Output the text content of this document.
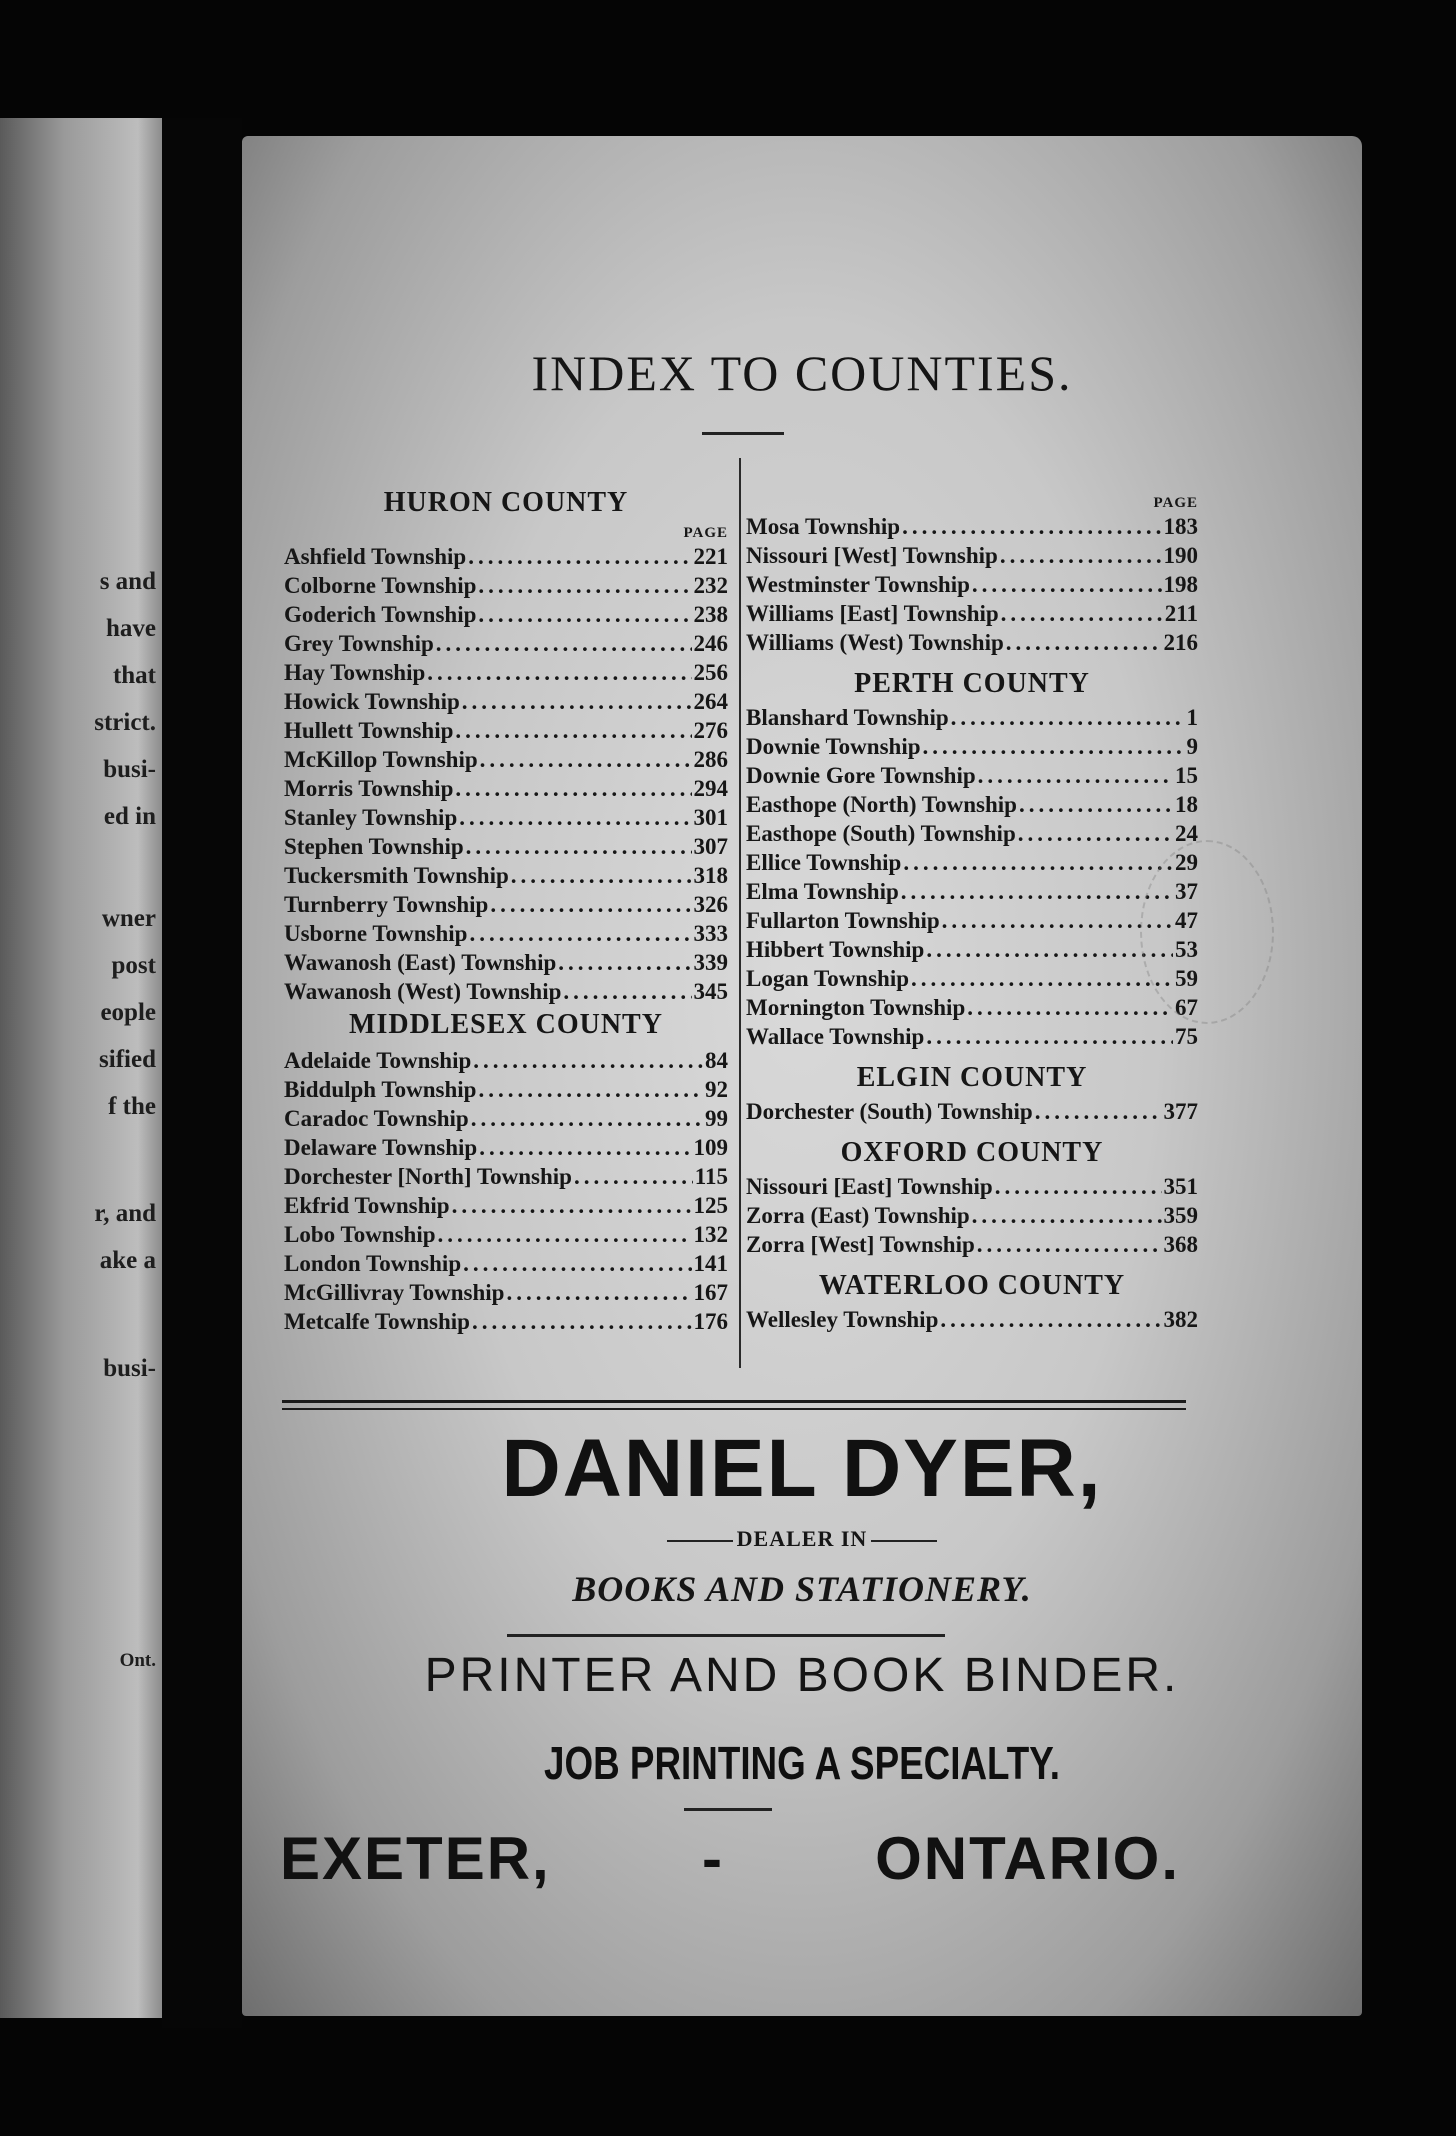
s and
have
that
strict.
busi-
ed in
wner
post
eople
sified
f the
r, and
ake a
busi-
Ont.
INDEX TO COUNTIES.
HURON COUNTY
PAGE
Ashfield Township .....	221
Colborne Township .....	232
Goderich Township .....	238
Grey Township .....	246
Hay Township .....	256
Howick Township .....	264
Hullett Township .....	276
McKillop Township .....	286
Morris Township .....	294
Stanley Township .....	301
Stephen Township .....	307
Tuckersmith Township .....	318
Turnberry Township .....	326
Usborne Township .....	333
Wawanosh (East) Township .....	339
Wawanosh (West) Township .....	345
MIDDLESEX COUNTY
Adelaide Township .....	84
Biddulph Township .....	92
Caradoc Township .....	99
Delaware Township .....	109
Dorchester [North] Township .....	115
Ekfrid Township .....	125
Lobo Township .....	132
London Township .....	141
McGillivray Township .....	167
Metcalfe Township .....	176
PAGE
Mosa Township .....	183
Nissouri [West] Township .....	190
Westminster Township .....	198
Williams [East] Township .....	211
Williams (West) Township .....	216
PERTH COUNTY
Blanshard Township .....	1
Downie Township .....	9
Downie Gore Township .....	15
Easthope (North) Township .....	18
Easthope (South) Township .....	24
Ellice Township .....	29
Elma Township .....	37
Fullarton Township .....	47
Hibbert Township .....	53
Logan Township .....	59
Mornington Township .....	67
Wallace Township .....	75
ELGIN COUNTY
Dorchester (South) Township .....	377
OXFORD COUNTY
Nissouri [East] Township .....	351
Zorra (East) Township .....	359
Zorra [West] Township .....	368
WATERLOO COUNTY
Wellesley Township .....	382
DANIEL DYER,
DEALER IN
BOOKS AND STATIONERY.
PRINTER AND BOOK BINDER.
JOB PRINTING A SPECIALTY.
EXETER,	-	ONTARIO.
